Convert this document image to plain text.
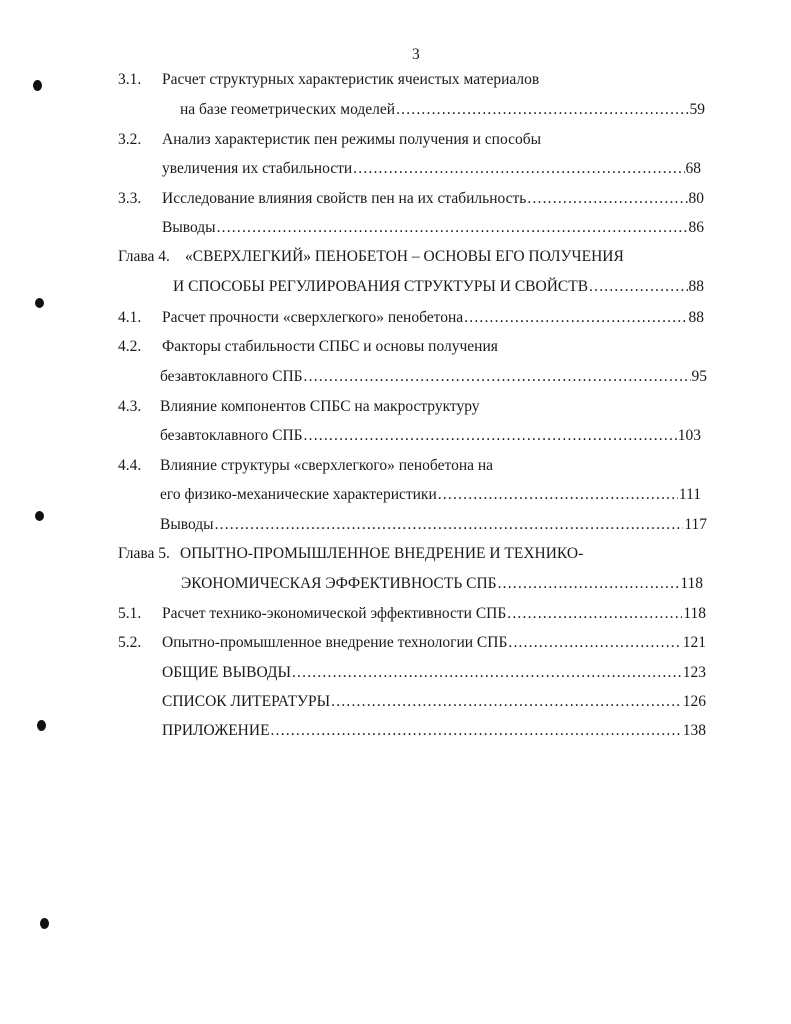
3
3.1. Расчет структурных характеристик ячеистых материалов
на базе геометрических моделей .....	59
3.2. Анализ характеристик пен режимы получения и способы
увеличения их стабильности .....	68
3.3. Исследование влияния свойств пен на их стабильность .....	80
Выводы .....	86
Глава 4. «СВЕРХЛЕГКИЙ» ПЕНОБЕТОН – ОСНОВЫ ЕГО ПОЛУЧЕНИЯ
И СПОСОБЫ РЕГУЛИРОВАНИЯ СТРУКТУРЫ И СВОЙСТВ .....	88
4.1. Расчет прочности «сверхлегкого» пенобетона .....	88
4.2. Факторы стабильности СПБС и основы получения
безавтоклавного СПБ .....	95
4.3. Влияние компонентов СПБС на макроструктуру
безавтоклавного СПБ .....	103
4.4. Влияние структуры «сверхлегкого» пенобетона на
его физико-механические характеристики .....	111
Выводы .....	117
Глава 5. ОПЫТНО-ПРОМЫШЛЕННОЕ ВНЕДРЕНИЕ И ТЕХНИКО-
ЭКОНОМИЧЕСКАЯ ЭФФЕКТИВНОСТЬ СПБ .....	118
5.1. Расчет технико-экономической эффективности СПБ .....	118
5.2. Опытно-промышленное внедрение технологии СПБ .....	121
ОБЩИЕ ВЫВОДЫ .....	123
СПИСОК ЛИТЕРАТУРЫ .....	126
ПРИЛОЖЕНИЕ .....	138
